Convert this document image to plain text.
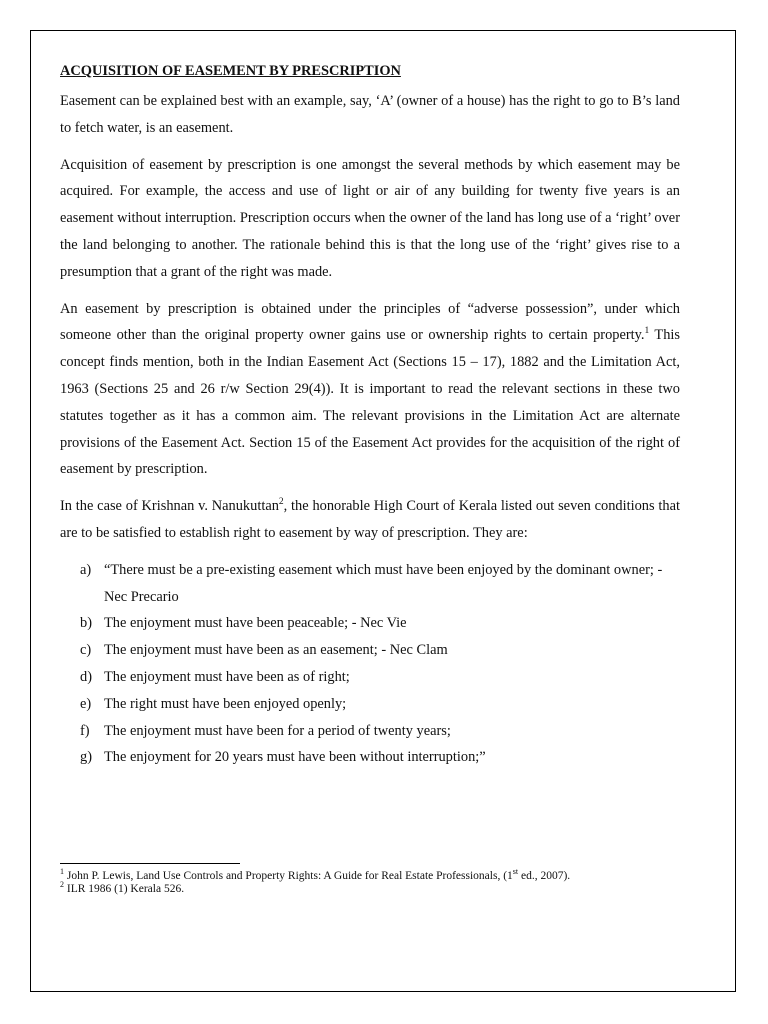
ACQUISITION OF EASEMENT BY PRESCRIPTION

Easement can be explained best with an example, say, ‘A’ (owner of a house) has the right to go to B’s land to fetch water, is an easement.

Acquisition of easement by prescription is one amongst the several methods by which easement may be acquired. For example, the access and use of light or air of any building for twenty five years is an easement without interruption. Prescription occurs when the owner of the land has long use of a ‘right’ over the land belonging to another. The rationale behind this is that the long use of the ‘right’ gives rise to a presumption that a grant of the right was made.

An easement by prescription is obtained under the principles of “adverse possession”, under which someone other than the original property owner gains use or ownership rights to certain property.$^1$ This concept finds mention, both in the Indian Easement Act (Sections 15 – 17), 1882 and the Limitation Act, 1963 (Sections 25 and 26 r/w Section 29(4)). It is important to read the relevant sections in these two statutes together as it has a common aim. The relevant provisions in the Limitation Act are alternate provisions of the Easement Act. Section 15 of the Easement Act provides for the acquisition of the right of easement by prescription.

In the case of Krishnan v. Nanukuttan$^2$, the honorable High Court of Kerala listed out seven conditions that are to be satisfied to establish right to easement by way of prescription. They are:

a) “There must be a pre-existing easement which must have been enjoyed by the dominant owner; - Nec Precario
b) The enjoyment must have been peaceable; - Nec Vie
c) The enjoyment must have been as an easement; - Nec Clam
d) The enjoyment must have been as of right;
e) The right must have been enjoyed openly;
f) The enjoyment must have been for a period of twenty years;
g) The enjoyment for 20 years must have been without interruption;”
$^1$ John P. Lewis, Land Use Controls and Property Rights: A Guide for Real Estate Professionals, (1st ed., 2007).
$^2$ ILR 1986 (1) Kerala 526.
